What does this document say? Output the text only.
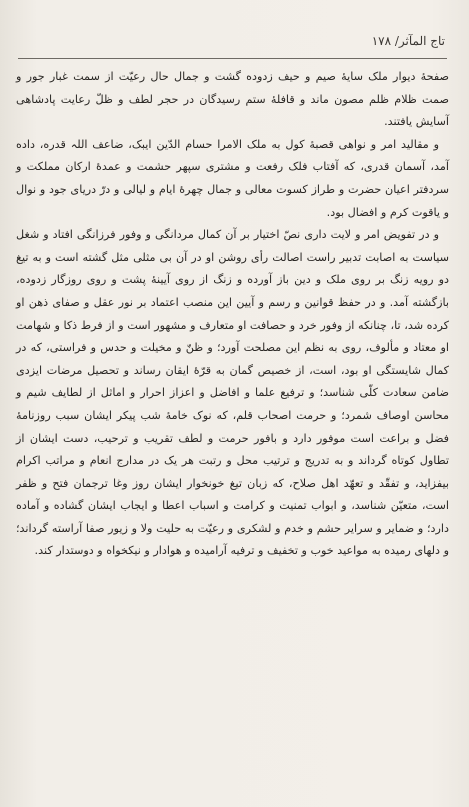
تاج المآثر/ ۱۷۸

صفحهٔ دیوار ملک سایهٔ صیم و حیف زدوده گشت و جمال حال رعیّت از سمت غبار جور و صمت ظلام ظلم مصون ماند و قافلهٔ ستم رسیدگان در حجر لطف و ظلّ رعایت پادشاهی آسایش یافتند.

و مقالید امر و نواهی قصبهٔ کول به ملک الامرا حسام الدّین ایبک، ضاعف اللہ قدره، داده آمد، آسمان قدری، که آفتاب فلک رفعت و مشتری سپهر حشمت و عمدهٔ ارکان مملکت و سردفتر اعیان حضرت و طراز کسوت معالی و جمال چهرهٔ ایام و لیالی و درّ دریای جود و نوال و یاقوت کرم و افضال بود.

و در تفویض امر و لایت داری نصّ اختیار بر آن کمال مردانگی و وفور فرزانگی افتاد و شغل سیاست به اصابت تدبیر راست اصالت رأی روشن او در آن بی مثلی مثل گشته است و به تیغ دو رویه زنگ بر روی ملک و دین باز آورده و زنگ از روی آیینهٔ پشت و روی روزگار زدوده، بازگشته آمد. و در حفظ قوانین و رسم و آیین این منصب اعتماد بر نور عقل و صفای ذهن او کرده شد، تا، چنانکه از وفور خرد و حصافت او متعارف و مشهور است و از فرط ذکا و شهامت او معتاد و مألوف، روی به نظم این مصلحت آورد؛ و ظنّ و مخیلت و حدس و فراستی، که در کمال شایستگی او بود، است، از خصیص گمان به قرّهٔ ایقان رساند و تحصیل مرضات ایزدی ضامن سعادت کلّی شناسد؛ و ترفیع علما و افاضل و اعزاز احرار و اماثل از لطایف شیم و محاسن اوصاف شمرد؛ و حرمت اصحاب قلم، که نوک خامهٔ شب پیکر ایشان سبب روزنامهٔ فضل و براعت است موفور دارد و بافور حرمت و لطف تقریب و ترحیب، دست ایشان از تطاول کوتاه گرداند و به تدریج و ترتیب محل و رتبت هر یک در مدارج انعام و مراتب اکرام بیفزاید، و تفقّد و تعهّد اهل صلاح، که زبان تیغ خونخوار ایشان روز وغا ترجمان فتح و ظفر است، متعیّن شناسد، و ابواب تمنیت و کرامت و اسباب اعطا و ایجاب ایشان گشاده و آماده دارد؛ و ضمایر و سرایر حشم و خدم و لشکری و رعیّت به حلیت ولا و زیور صفا آراسته گرداند؛ و دلهای رمیده به مواعید خوب و تخفیف و ترفیه آرامیده و هوادار و نیکخواه و دوستدار کند.
